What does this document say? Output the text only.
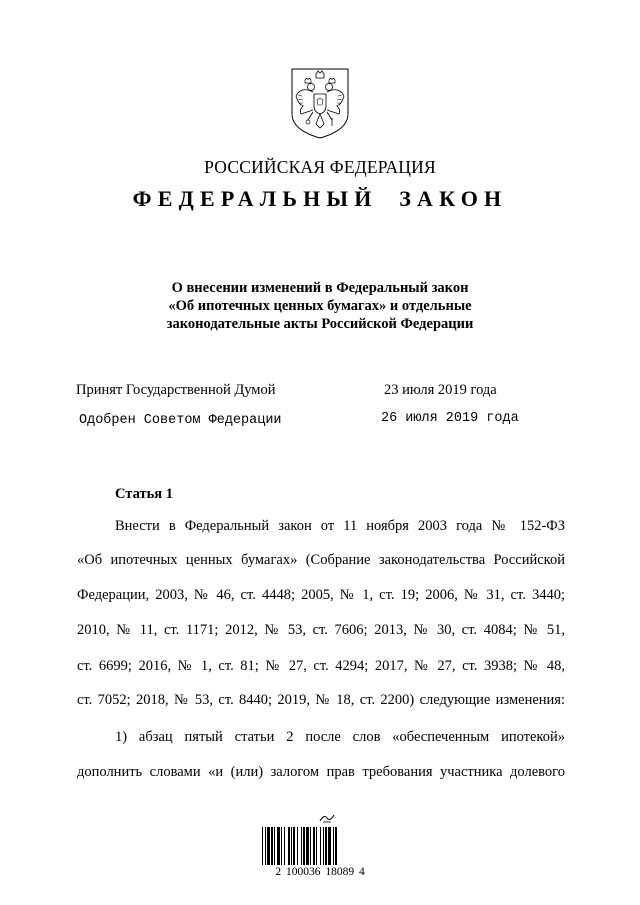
РОССИЙСКАЯ ФЕДЕРАЦИЯ
ФЕДЕРАЛЬНЫЙ ЗАКОН
О внесении изменений в Федеральный закон
«Об ипотечных ценных бумагах» и отдельные
законодательные акты Российской Федерации
Принят Государственной Думой	23 июля 2019 года
Одобрен Советом Федерации	26 июля 2019 года
Статья 1
Внести в Федеральный закон от 11 ноября 2003 года № 152-ФЗ
«Об ипотечных ценных бумагах» (Собрание законодательства Российской
Федерации, 2003, № 46, ст. 4448; 2005, № 1, ст. 19; 2006, № 31, ст. 3440;
2010, № 11, ст. 1171; 2012, № 53, ст. 7606; 2013, № 30, ст. 4084; № 51,
ст. 6699; 2016, № 1, ст. 81; № 27, ст. 4294; 2017, № 27, ст. 3938; № 48,
ст. 7052; 2018, № 53, ст. 8440; 2019, № 18, ст. 2200) следующие изменения:
1) абзац пятый статьи 2 после слов «обеспеченным ипотекой»
дополнить словами «и (или) залогом прав требования участника долевого
2 100036 18089 4
